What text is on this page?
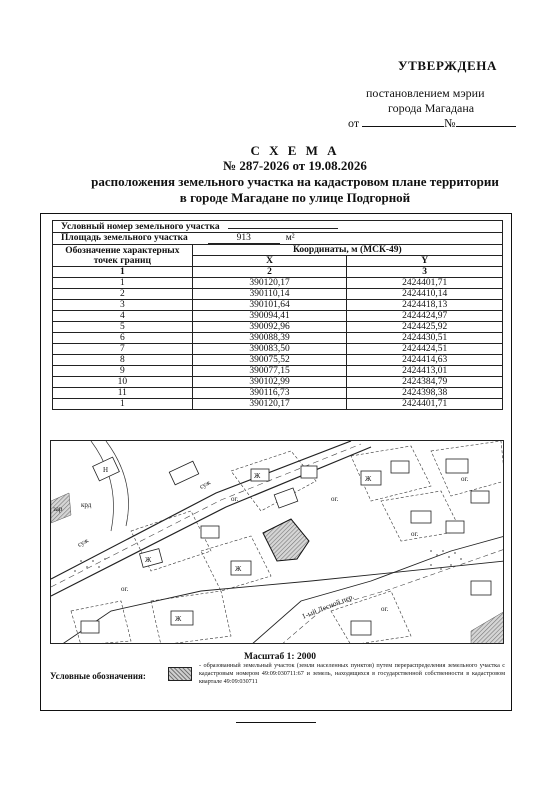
УТВЕРЖДЕНА
постановлением мэрии
города Магадана
от	№
С Х Е М А
№ 287-2026 от 19.08.2026
расположения земельного участка на кадастровом плане территории
в городе Магадане по улице Подгорной
Условный номер земельного участка		
Площадь земельного участка 913 м²		
Обозначение характерных точек границ	Координаты, м (МСК-49)	
	X	Y
1	2	3
1	390120,17	2424401,71
2	390110,14	2424410,14
3	390101,64	2424418,13
4	390094,41	2424424,97
5	390092,96	2424425,92
6	390088,39	2424430,51
7	390083,50	2424424,51
8	390075,52	2424414,63
9	390077,15	2424413,01
10	390102,99	2424384,79
11	390116,73	2424398,38
1	390120,17	2424401,71
зар	крд
суж
суж
1-ый Лесной пер.
Н
Ж	Ж
Ж
Ж
Ж
ог.	ог.
ог.
ог.
ог.
ог.
Масштаб 1: 2000
Условные обозначения:
- образованный земельный участок (земли населенных пунктов) путем перераспределения земельного участка с кадастровым номером 49:09:030711:67 и земель, находящихся в государственной собственности в кадастровом квартале 49:09:030711
